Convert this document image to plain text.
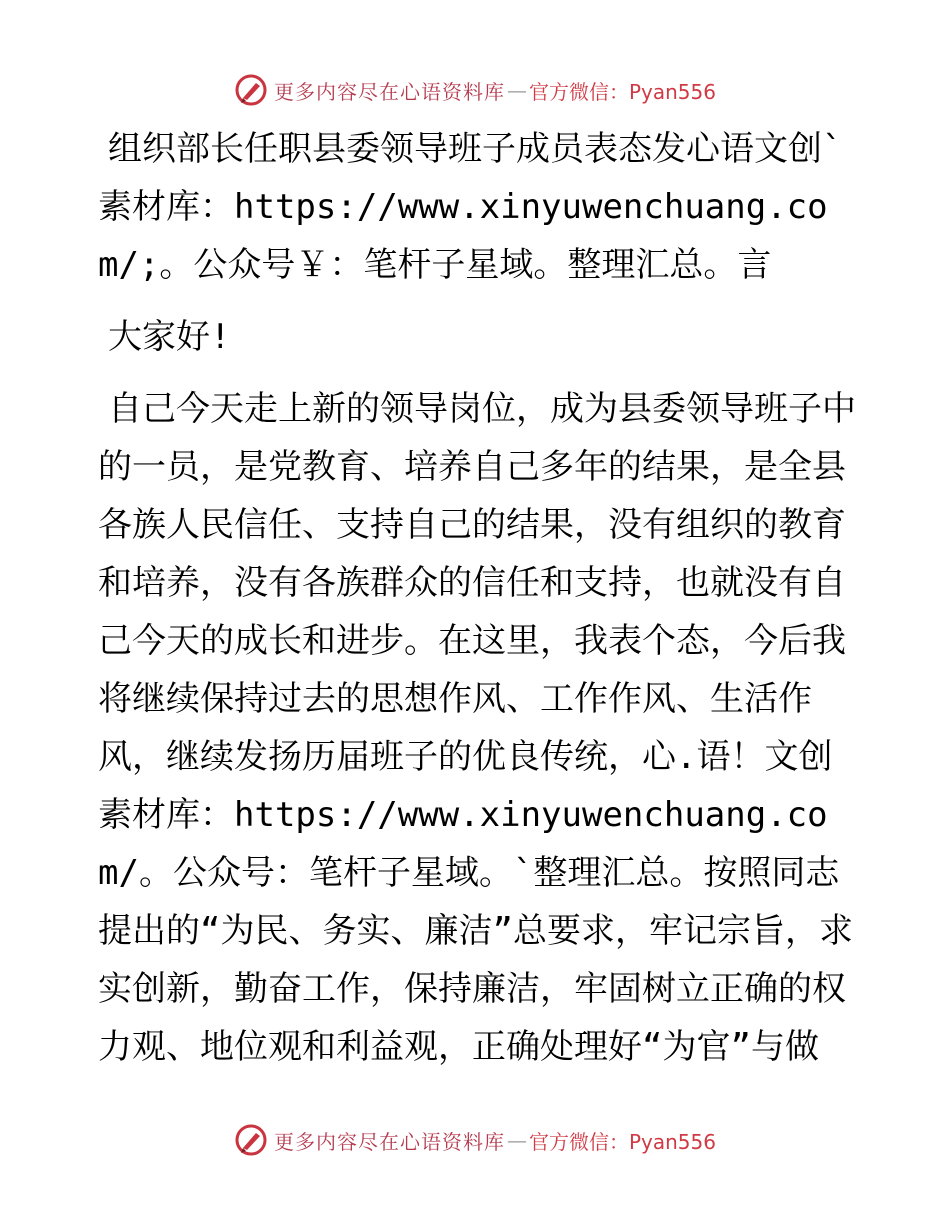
更多内容尽在心语资料库 — 官方微信：Pyan556

组织部长任职县委领导班子成员表态发心语文创`素材库：https://www.xinyuwenchuang.com/;。公众号￥：笔杆子星域。整理汇总。言

大家好!

自己今天走上新的领导岗位，成为县委领导班子中的一员，是党教育、培养自己多年的结果，是全县各族人民信任、支持自己的结果，没有组织的教育和培养，没有各族群众的信任和支持，也就没有自己今天的成长和进步。在这里，我表个态，今后我将继续保持过去的思想作风、工作作风、生活作风，继续发扬历届班子的优良传统，心.语！文创素材库：https://www.xinyuwenchuang.com/。公众号：笔杆子星域。`整理汇总。按照同志提出的“为民、务实、廉洁”总要求，牢记宗旨，求实创新，勤奋工作，保持廉洁，牢固树立正确的权力观、地位观和利益观，正确处理好“为官”与做

更多内容尽在心语资料库 — 官方微信：Pyan556
